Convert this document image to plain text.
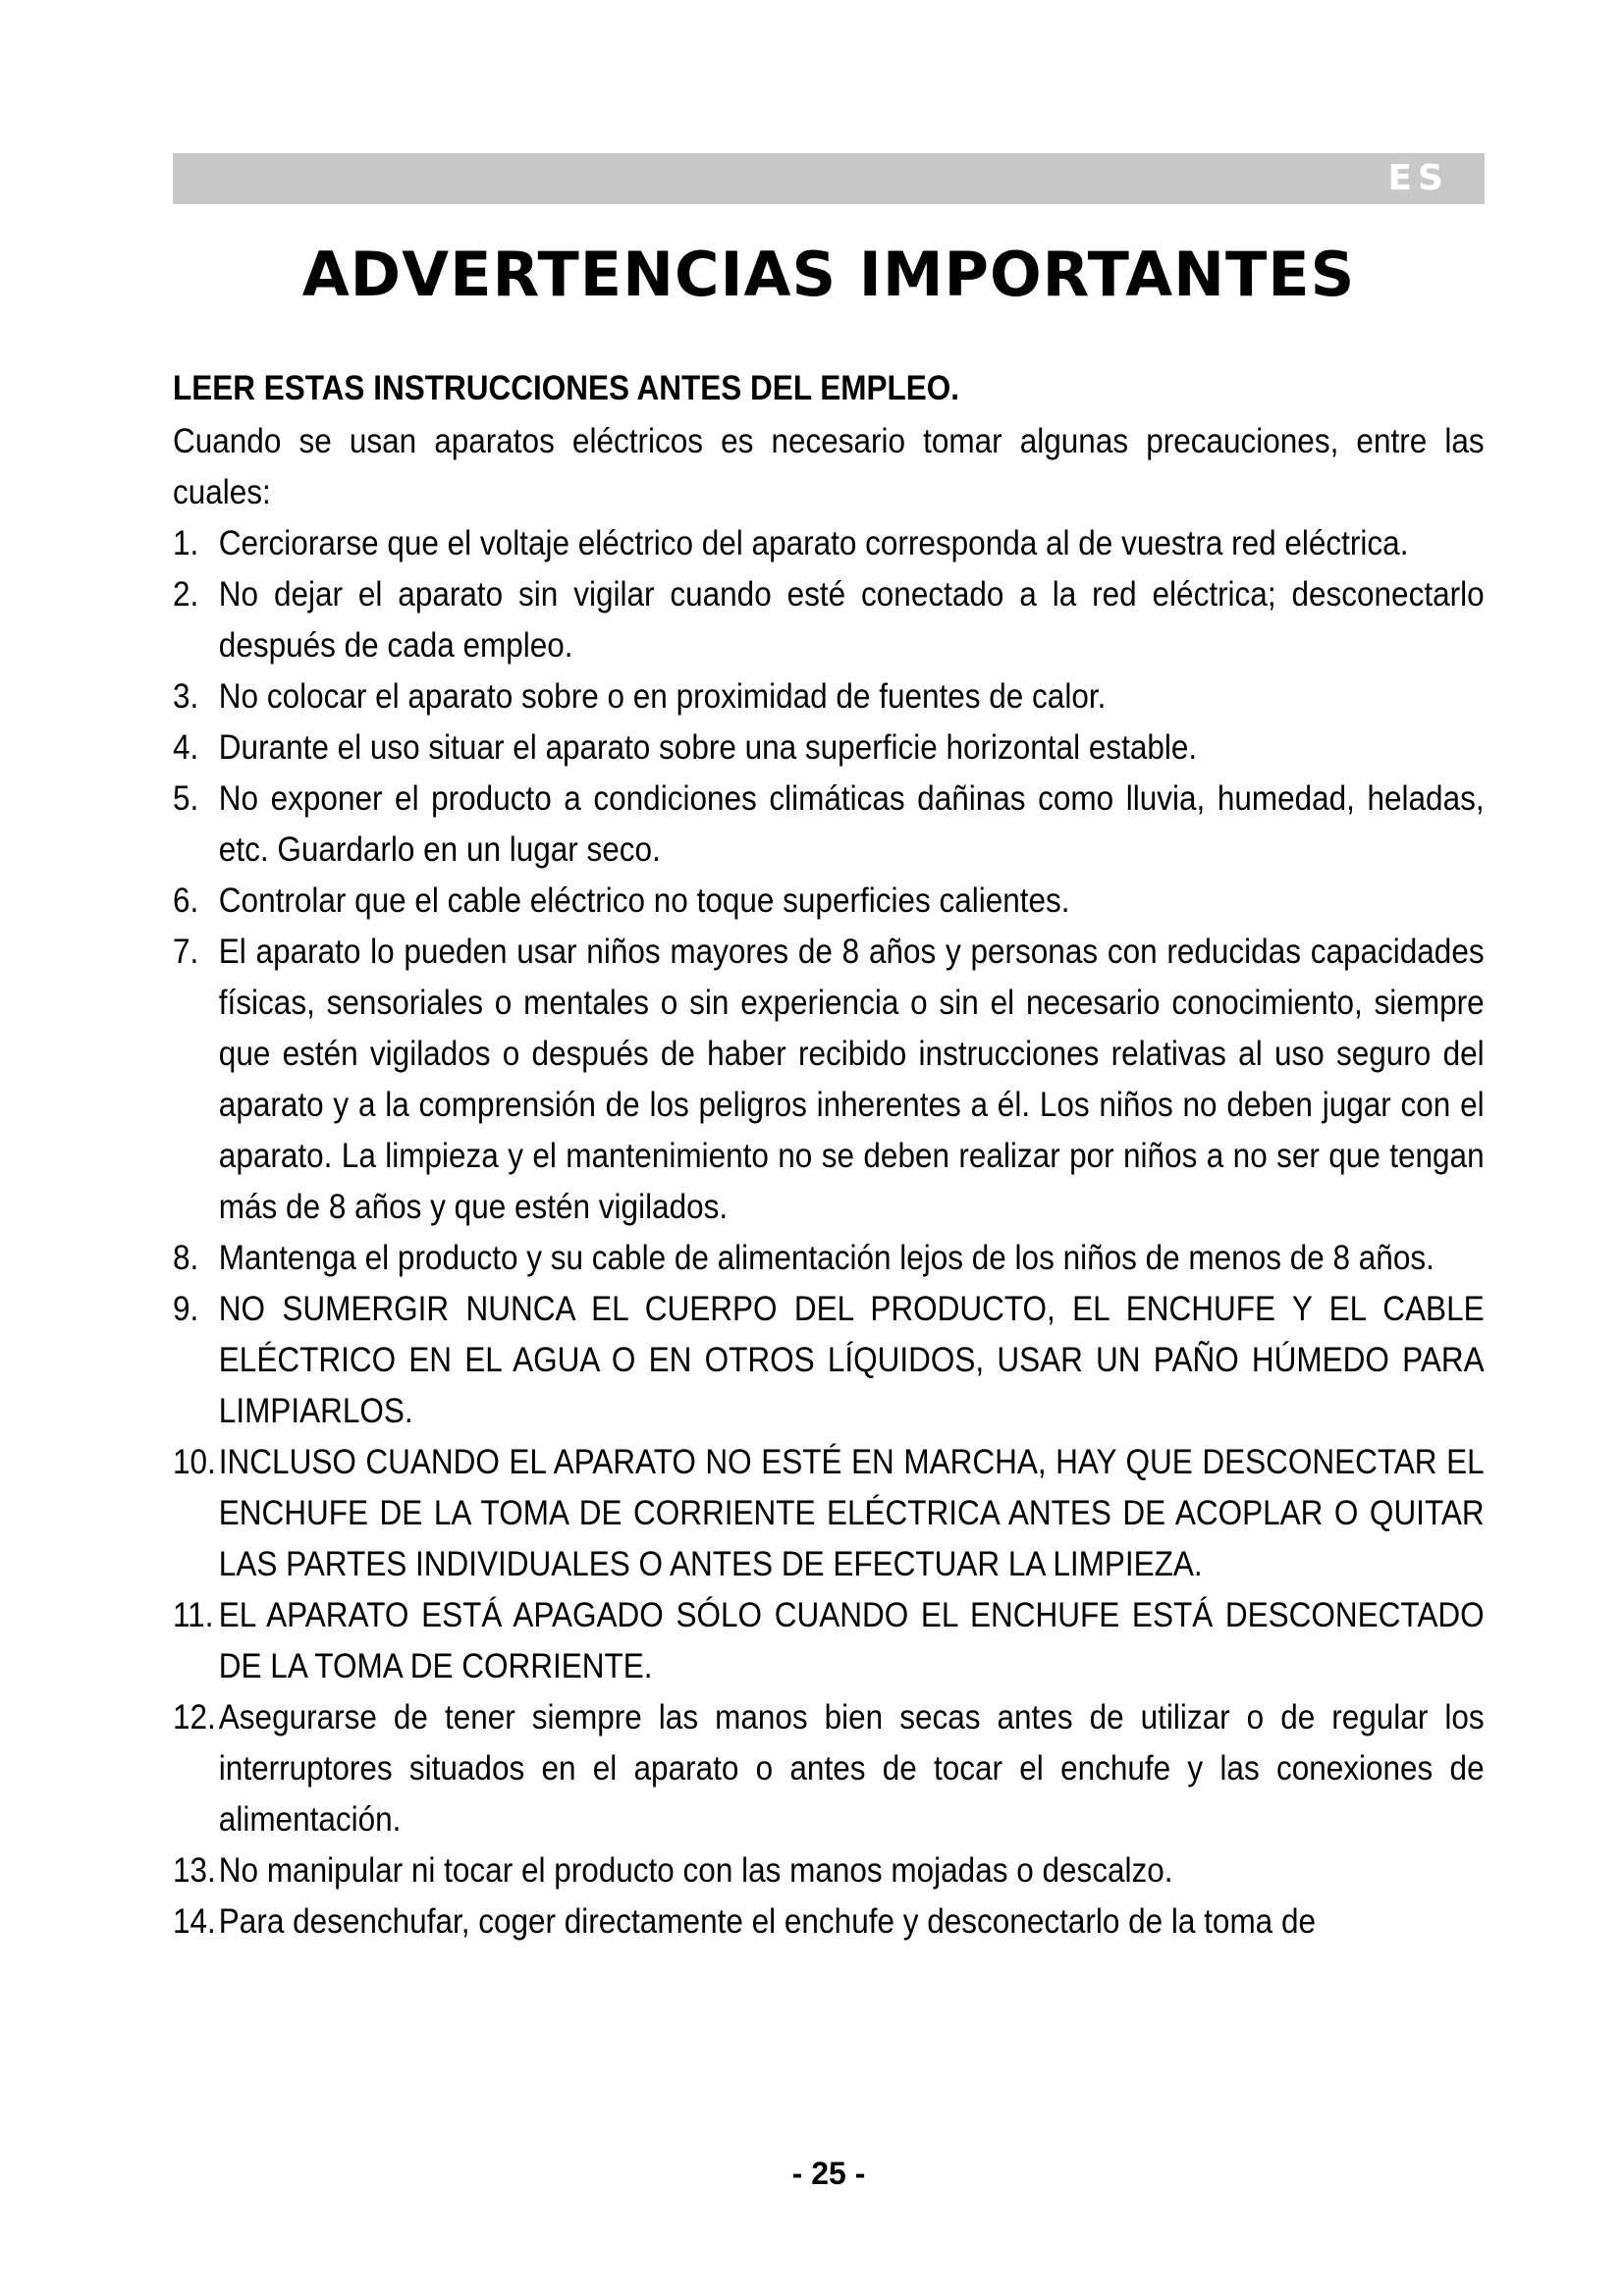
ES
ADVERTENCIAS IMPORTANTES

LEER ESTAS INSTRUCCIONES ANTES DEL EMPLEO.

Cuando se usan aparatos eléctricos es necesario tomar algunas precauciones, entre las cuales:

1. Cerciorarse que el voltaje eléctrico del aparato corresponda al de vuestra red eléctrica.
2. No dejar el aparato sin vigilar cuando esté conectado a la red eléctrica; desconectarlo después de cada empleo.
3. No colocar el aparato sobre o en proximidad de fuentes de calor.
4. Durante el uso situar el aparato sobre una superficie horizontal estable.
5. No exponer el producto a condiciones climáticas dañinas como lluvia, humedad, heladas, etc. Guardarlo en un lugar seco.
6. Controlar que el cable eléctrico no toque superficies calientes.
7. El aparato lo pueden usar niños mayores de 8 años y personas con reducidas capacidades físicas, sensoriales o mentales o sin experiencia o sin el necesario conocimiento, siempre que estén vigilados o después de haber recibido instrucciones relativas al uso seguro del aparato y a la comprensión de los peligros inherentes a él. Los niños no deben jugar con el aparato. La limpieza y el mantenimiento no se deben realizar por niños a no ser que tengan más de 8 años y que estén vigilados.
8. Mantenga el producto y su cable de alimentación lejos de los niños de menos de 8 años.
9. NO SUMERGIR NUNCA EL CUERPO DEL PRODUCTO, EL ENCHUFE Y EL CABLE ELÉCTRICO EN EL AGUA O EN OTROS LÍQUIDOS, USAR UN PAÑO HÚMEDO PARA LIMPIARLOS.
10. INCLUSO CUANDO EL APARATO NO ESTÉ EN MARCHA, HAY QUE DESCONECTAR EL ENCHUFE DE LA TOMA DE CORRIENTE ELÉCTRICA ANTES DE ACOPLAR O QUITAR LAS PARTES INDIVIDUALES O ANTES DE EFECTUAR LA LIMPIEZA.
11. EL APARATO ESTÁ APAGADO SÓLO CUANDO EL ENCHUFE ESTÁ DESCONECTADO DE LA TOMA DE CORRIENTE.
12. Asegurarse de tener siempre las manos bien secas antes de utilizar o de regular los interruptores situados en el aparato o antes de tocar el enchufe y las conexiones de alimentación.
13. No manipular ni tocar el producto con las manos mojadas o descalzo.
14. Para desenchufar, coger directamente el enchufe y desconectarlo de la toma de
- 25 -
